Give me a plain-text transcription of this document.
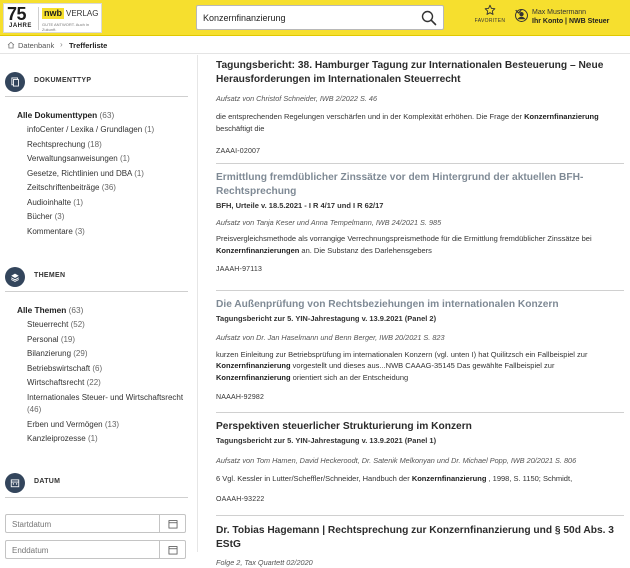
75
JAHRE
nwb VERLAG
GUTE ANTWORT. Auch in Zukunft.
Konzernfinanzierung
FAVORITEN
Max Mustermann
Ihr Konto | NWB Steuer
Datenbank › Trefferliste
DOKUMENTTYP
Alle Dokumenttypen (63)
infoCenter / Lexika / Grundlagen (1)
Rechtsprechung (18)
Verwaltungsanweisungen (1)
Gesetze, Richtlinien und DBA (1)
Zeitschriftenbeiträge (36)
Audioinhalte (1)
Bücher (3)
Kommentare (3)
THEMEN
Alle Themen (63)
Steuerrecht (52)
Personal (19)
Bilanzierung (29)
Betriebswirtschaft (6)
Wirtschaftsrecht (22)
Internationales Steuer- und Wirtschaftsrecht (46)
Erben und Vermögen (13)
Kanzleiprozesse (1)
DATUM
Startdatum
Enddatum
Tagungsbericht: 38. Hamburger Tagung zur Internationalen Besteuerung – Neue Herausforderungen im Internationalen Steuerrecht
Aufsatz von Christof Schneider, IWB 2/2022 S. 46
die entsprechenden Regelungen verschärfen und in der Komplexität erhöhen. Die Frage der Konzernfinanzierung beschäftigt die
ZAAAI-02007
Ermittlung fremdüblicher Zinssätze vor dem Hintergrund der aktuellen BFH-Rechtsprechung
BFH, Urteile v. 18.5.2021 - I R 4/17 und I R 62/17
Aufsatz von Tanja Keser und Anna Tempelmann, IWB 24/2021 S. 985
Preisvergleichsmethode als vorrangige Verrechnungspreismethode für die Ermittlung fremdüblicher Zinssätze bei Konzernfinanzierungen an. Die Substanz des Darlehensgebers
JAAAH-97113
Die Außenprüfung von Rechtsbeziehungen im internationalen Konzern
Tagungsbericht zur 5. YIN-Jahrestagung v. 13.9.2021 (Panel 2)
Aufsatz von Dr. Jan Haselmann und Benn Berger, IWB 20/2021 S. 823
kurzen Einleitung zur Betriebsprüfung im internationalen Konzern (vgl. unten I) hat Quilitzsch ein Fallbeispiel zur Konzernfinanzierung vorgestellt und dieses aus...NWB CAAAG-35145 Das gewählte Fallbeispiel zur Konzernfinanzierung orientiert sich an der Entscheidung
NAAAH-92982
Perspektiven steuerlicher Strukturierung im Konzern
Tagungsbericht zur 5. YIN-Jahrestagung v. 13.9.2021 (Panel 1)
Aufsatz von Tom Hamen, David Heckeroodt, Dr. Satenik Melkonyan und Dr. Michael Popp, IWB 20/2021 S. 806
6 Vgl. Kessler in Lutter/Scheffler/Schneider, Handbuch der Konzernfinanzierung , 1998, S. 1150; Schmidt,
OAAAH-93222
Dr. Tobias Hagemann | Rechtsprechung zur Konzernfinanzierung und § 50d Abs. 3 EStG
Folge 2, Tax Quartett 02/2020
